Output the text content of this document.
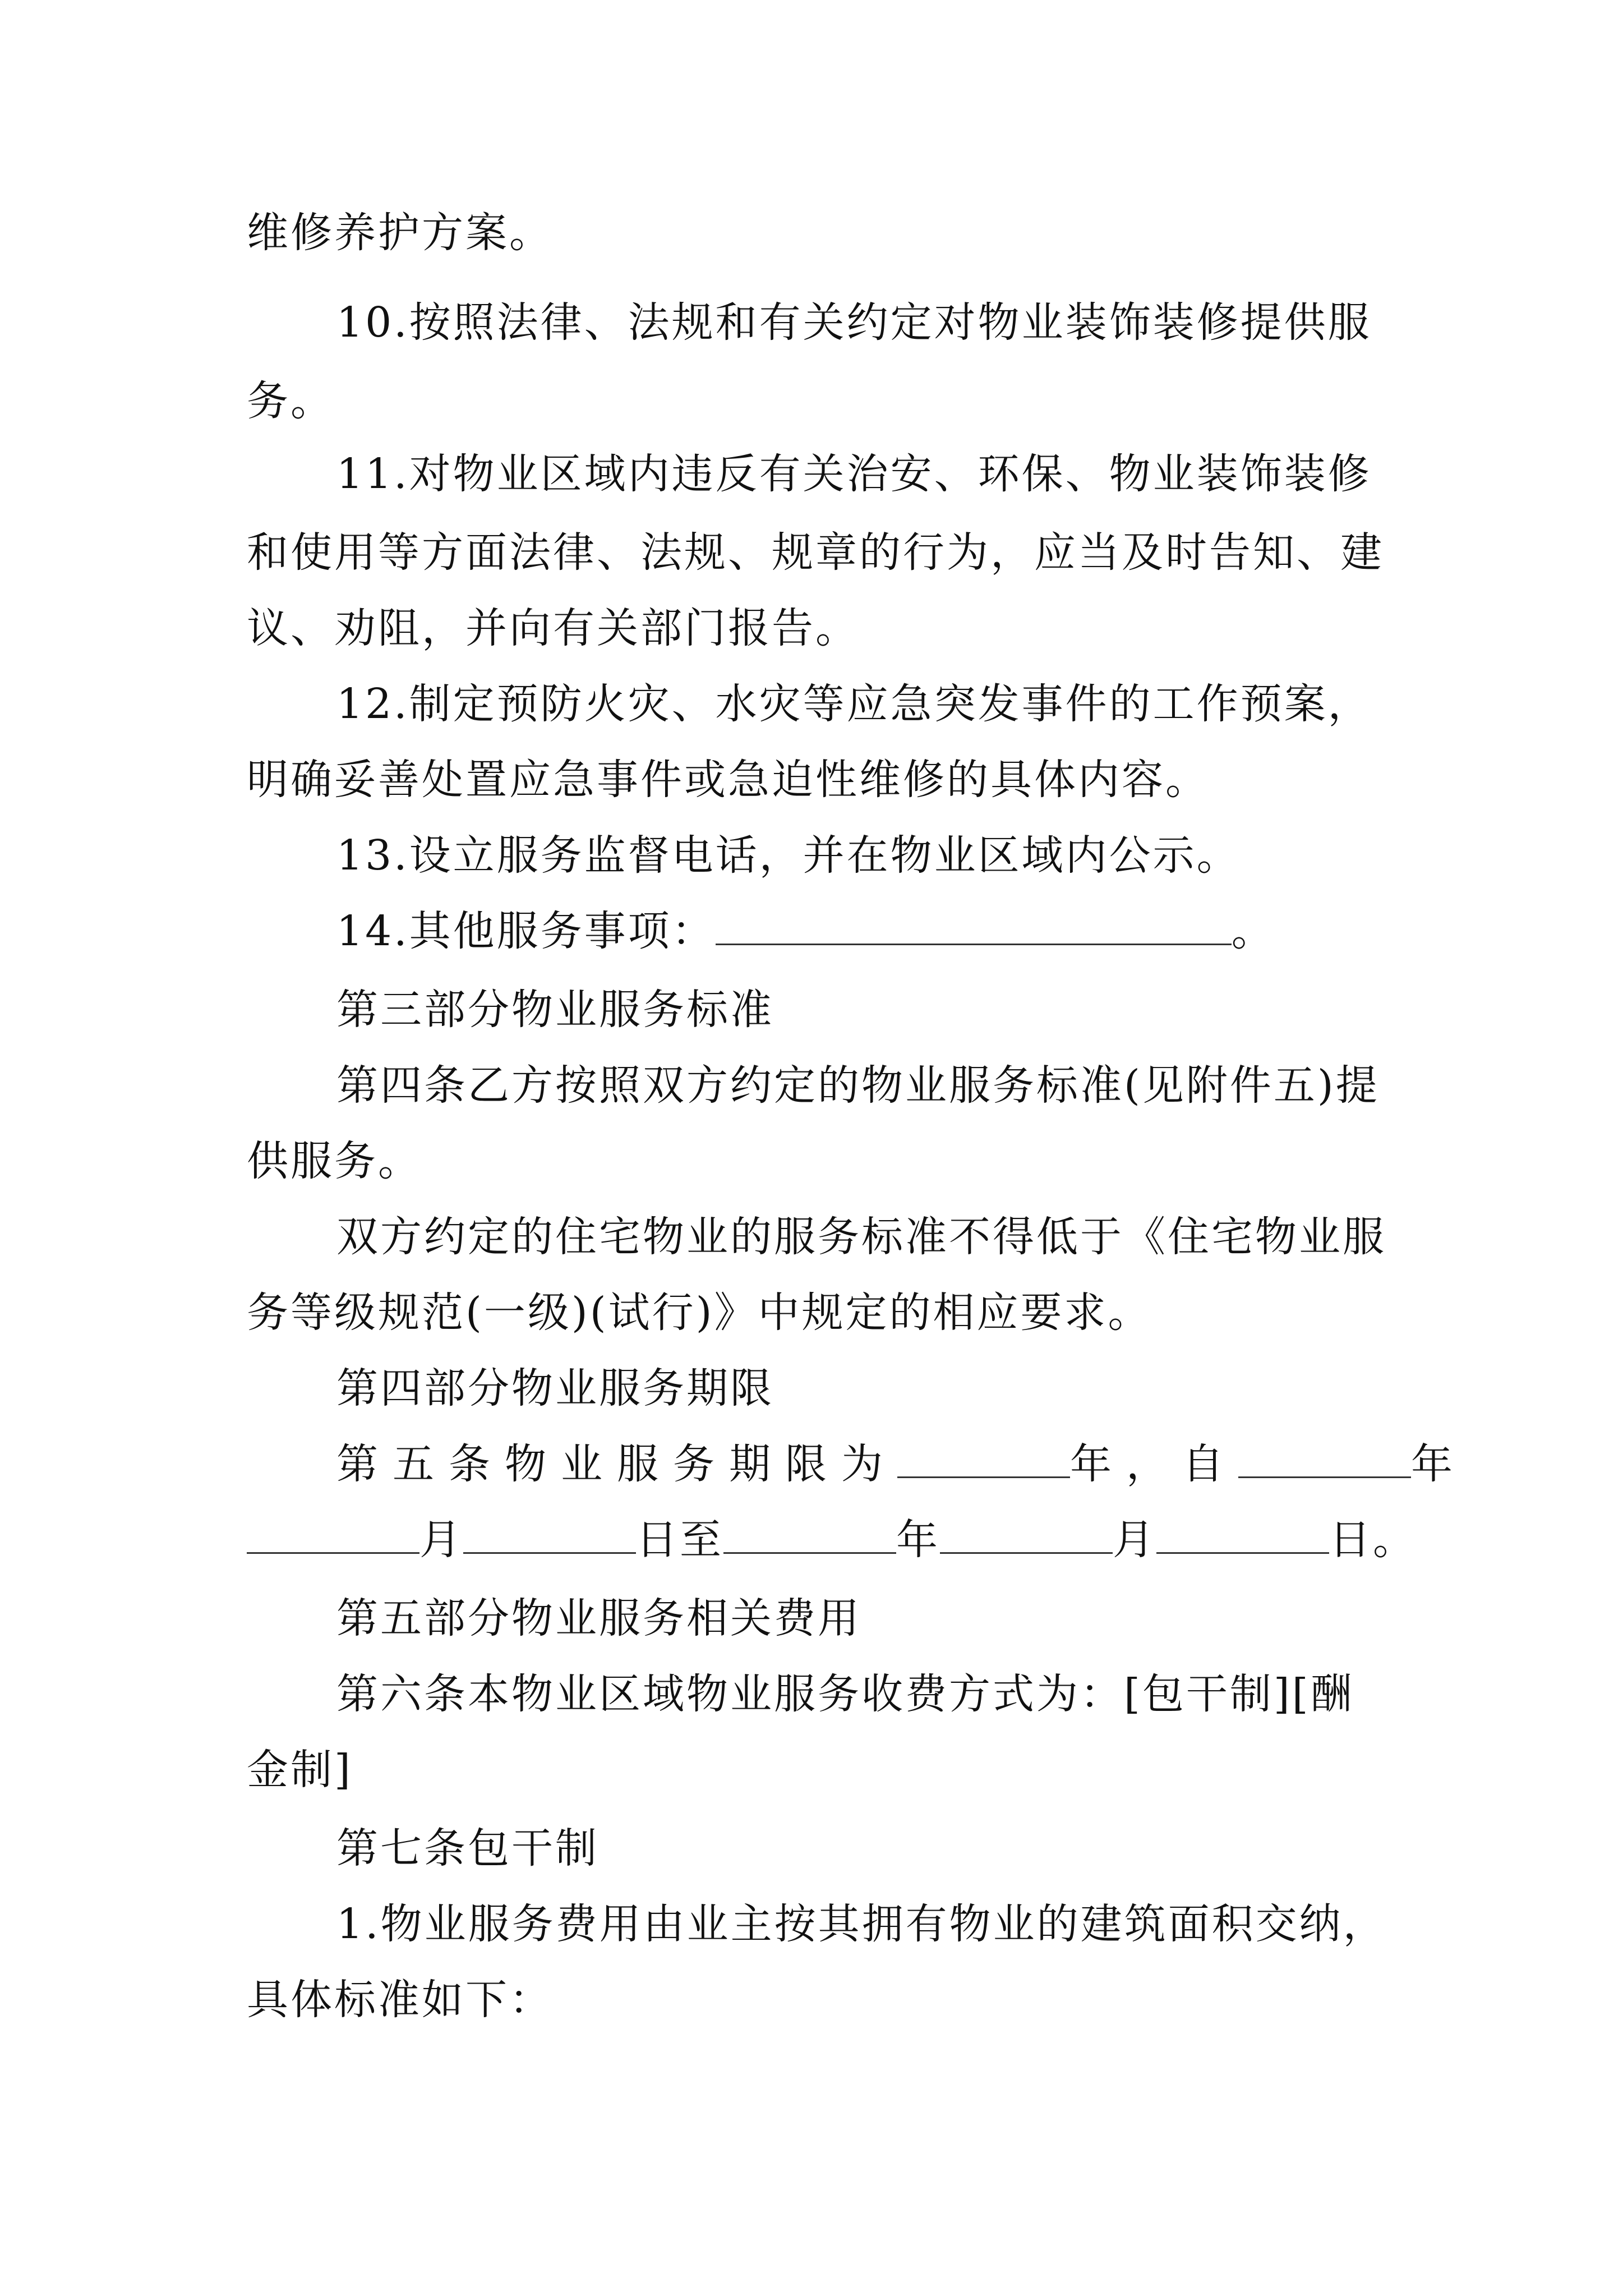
维修养护方案。
10.按照法律、法规和有关约定对物业装饰装修提供服
务。
11.对物业区域内违反有关治安、环保、物业装饰装修
和使用等方面法律、法规、规章的行为，应当及时告知、建
议、劝阻，并向有关部门报告。
12.制定预防火灾、水灾等应急突发事件的工作预案，
明确妥善处置应急事件或急迫性维修的具体内容。
13.设立服务监督电话，并在物业区域内公示。
14.其他服务事项：	。
第三部分物业服务标准
第四条乙方按照双方约定的物业服务标准(见附件五)提
供服务。
双方约定的住宅物业的服务标准不得低于《住宅物业服
务等级规范(一级)(试行)》中规定的相应要求。
第四部分物业服务期限
第五条物业服务期限为	年，自	年
月	日至	年	月	日。
第五部分物业服务相关费用
第六条本物业区域物业服务收费方式为：[包干制][酬
金制]
第七条包干制
1.物业服务费用由业主按其拥有物业的建筑面积交纳，
具体标准如下：
